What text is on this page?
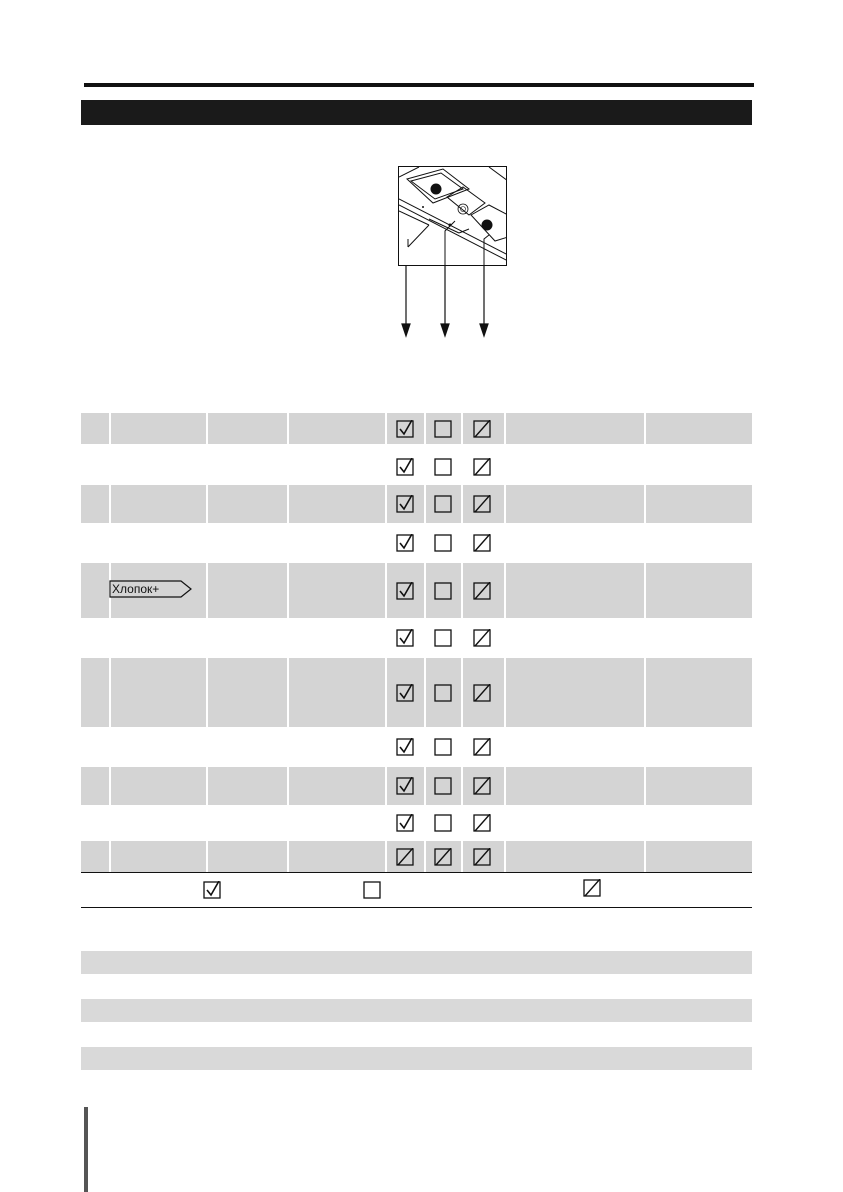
Хлопок+
